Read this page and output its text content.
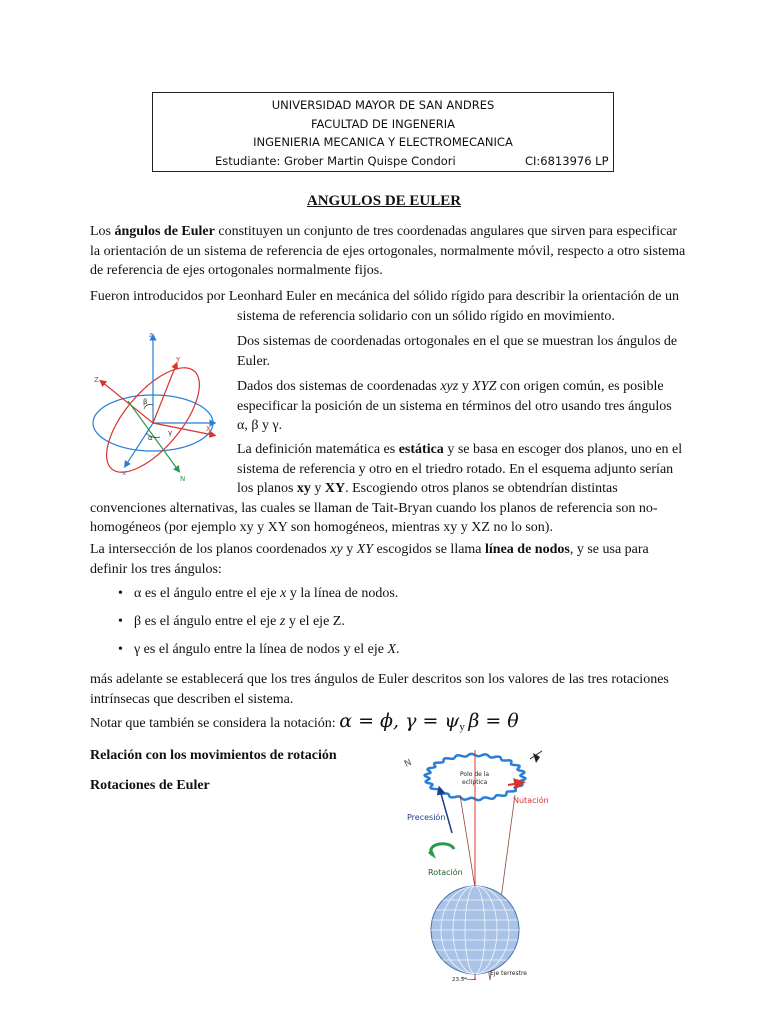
UNIVERSIDAD MAYOR DE SAN ANDRES
FACULTAD DE INGENERIA
INGENIERIA MECANICA Y ELECTROMECANICA
Estudiante: Grober Martin Quispe Condori	CI:6813976 LP
ANGULOS DE EULER
Los ángulos de Euler constituyen un conjunto de tres coordenadas angulares que sirven para especificar
la orientación de un sistema de referencia de ejes ortogonales, normalmente móvil, respecto a otro sistema
de referencia de ejes ortogonales normalmente fijos.
Fueron introducidos por Leonhard Euler en mecánica del sólido rígido para describir la orientación de un
sistema de referencia solidario con un sólido rígido en movimiento.
Dos sistemas de coordenadas ortogonales en el que se muestran los ángulos de
Euler.
Dados dos sistemas de coordenadas xyz y XYZ con origen común, es posible
especificar la posición de un sistema en términos del otro usando tres ángulos
α, β y γ.
La definición matemática es estática y se basa en escoger dos planos, uno en el
sistema de referencia y otro en el triedro rotado. En el esquema adjunto serían
los planos xy y XY. Escogiendo otros planos se obtendrían distintas
convenciones alternativas, las cuales se llaman de Tait-Bryan cuando los planos de referencia son no-
homogéneos (por ejemplo xy y XY son homogéneos, mientras xy y XZ no lo son).
La intersección de los planos coordenados xy y XY escogidos se llama línea de nodos, y se usa para
definir los tres ángulos:
• α es el ángulo entre el eje x y la línea de nodos.
• β es el ángulo entre el eje z y el eje Z.
• γ es el ángulo entre la línea de nodos y el eje X.
más adelante se establecerá que los tres ángulos de Euler descritos son los valores de las tres rotaciones
intrínsecas que describen el sistema.
Notar que también se considera la notación: α = ϕ, $\gamma = \psi_y$ β = θ
Relación con los movimientos de rotación
Rotaciones de Euler
z
Y
Z
β
X
α
γ
x
N
N
Polo de la
eclíptica
Nutación
Precesión
Rotación
23.5°
Eje terrestre
